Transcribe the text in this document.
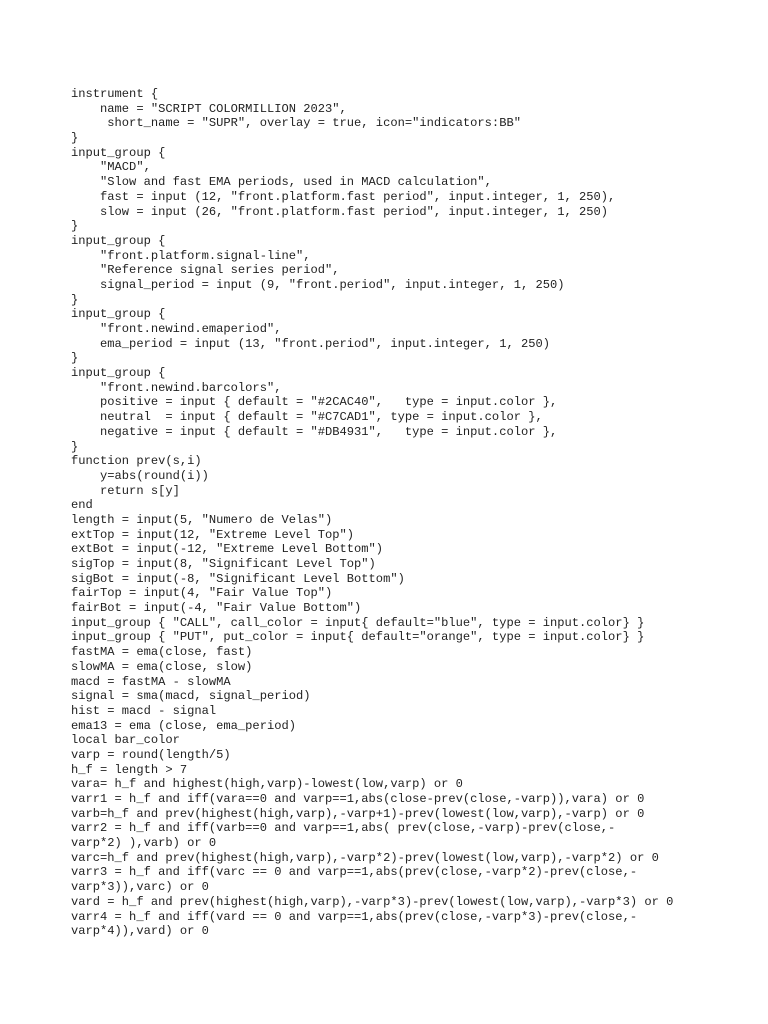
instrument {
name = "SCRIPT COLORMILLION 2023",
short_name = "SUPR", overlay = true, icon="indicators:BB"
}
input_group {
"MACD",
"Slow and fast EMA periods, used in MACD calculation",
fast = input (12, "front.platform.fast period", input.integer, 1, 250),
slow = input (26, "front.platform.fast period", input.integer, 1, 250)
}
input_group {
"front.platform.signal-line",
"Reference signal series period",
signal_period = input (9, "front.period", input.integer, 1, 250)
}
input_group {
"front.newind.emaperiod",
ema_period = input (13, "front.period", input.integer, 1, 250)
}
input_group {
"front.newind.barcolors",
positive = input { default = "#2CAC40",   type = input.color },
neutral  = input { default = "#C7CAD1", type = input.color },
negative = input { default = "#DB4931",   type = input.color },
}
function prev(s,i)
y=abs(round(i))
return s[y]
end
length = input(5, "Numero de Velas")
extTop = input(12, "Extreme Level Top")
extBot = input(-12, "Extreme Level Bottom")
sigTop = input(8, "Significant Level Top")
sigBot = input(-8, "Significant Level Bottom")
fairTop = input(4, "Fair Value Top")
fairBot = input(-4, "Fair Value Bottom")
input_group { "CALL", call_color = input{ default="blue", type = input.color} }
input_group { "PUT", put_color = input{ default="orange", type = input.color} }
fastMA = ema(close, fast)
slowMA = ema(close, slow)
macd = fastMA - slowMA
signal = sma(macd, signal_period)
hist = macd - signal
ema13 = ema (close, ema_period)
local bar_color
varp = round(length/5)
h_f = length > 7
vara= h_f and highest(high,varp)-lowest(low,varp) or 0
varr1 = h_f and iff(vara==0 and varp==1,abs(close-prev(close,-varp)),vara) or 0
varb=h_f and prev(highest(high,varp),-varp+1)-prev(lowest(low,varp),-varp) or 0
varr2 = h_f and iff(varb==0 and varp==1,abs( prev(close,-varp)-prev(close,-
varp*2) ),varb) or 0
varc=h_f and prev(highest(high,varp),-varp*2)-prev(lowest(low,varp),-varp*2) or 0
varr3 = h_f and iff(varc == 0 and varp==1,abs(prev(close,-varp*2)-prev(close,-
varp*3)),varc) or 0
vard = h_f and prev(highest(high,varp),-varp*3)-prev(lowest(low,varp),-varp*3) or 0
varr4 = h_f and iff(vard == 0 and varp==1,abs(prev(close,-varp*3)-prev(close,-
varp*4)),vard) or 0
